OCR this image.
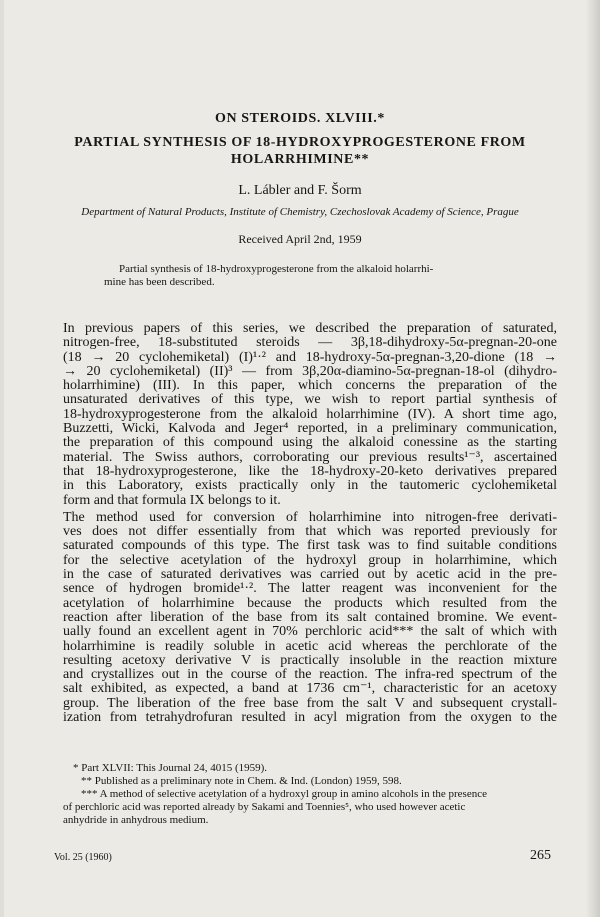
ON STEROIDS. XLVIII.*
PARTIAL SYNTHESIS OF 18-HYDROXYPROGESTERONE FROM
HOLARRHIMINE**
L. Lábler and F. Šorm
Department of Natural Products, Institute of Chemistry, Czechoslovak Academy of Science, Prague
Received April 2nd, 1959
Partial synthesis of 18-hydroxyprogesterone from the alkaloid holarrhi-
mine has been described.
In previous papers of this series, we described the preparation of saturated,
nitrogen-free, 18-substituted steroids — 3β,18-dihydroxy-5α-pregnan-20-one
(18 → 20 cyclohemiketal) (I)¹·² and 18-hydroxy-5α-pregnan-3,20-dione (18 →
→ 20 cyclohemiketal) (II)³ — from 3β,20α-diamino-5α-pregnan-18-ol (dihydro-
holarrhimine) (III). In this paper, which concerns the preparation of the
unsaturated derivatives of this type, we wish to report partial synthesis of
18-hydroxyprogesterone from the alkaloid holarrhimine (IV). A short time ago,
Buzzetti, Wicki, Kalvoda and Jeger⁴ reported, in a preliminary communication,
the preparation of this compound using the alkaloid conessine as the starting
material. The Swiss authors, corroborating our previous results¹⁻³, ascertained
that 18-hydroxyprogesterone, like the 18-hydroxy-20-keto derivatives prepared
in this Laboratory, exists practically only in the tautomeric cyclohemiketal
form and that formula IX belongs to it.
The method used for conversion of holarrhimine into nitrogen-free derivati-
ves does not differ essentially from that which was reported previously for
saturated compounds of this type. The first task was to find suitable conditions
for the selective acetylation of the hydroxyl group in holarrhimine, which
in the case of saturated derivatives was carried out by acetic acid in the pre-
sence of hydrogen bromide¹·². The latter reagent was inconvenient for the
acetylation of holarrhimine because the products which resulted from the
reaction after liberation of the base from its salt contained bromine. We event-
ually found an excellent agent in 70% perchloric acid*** the salt of which with
holarrhimine is readily soluble in acetic acid whereas the perchlorate of the
resulting acetoxy derivative V is practically insoluble in the reaction mixture
and crystallizes out in the course of the reaction. The infra-red spectrum of the
salt exhibited, as expected, a band at 1736 cm⁻¹, characteristic for an acetoxy
group. The liberation of the free base from the salt V and subsequent crystall-
ization from tetrahydrofuran resulted in acyl migration from the oxygen to the
* Part XLVII: This Journal 24, 4015 (1959).
** Published as a preliminary note in Chem. & Ind. (London) 1959, 598.
*** A method of selective acetylation of a hydroxyl group in amino alcohols in the presence
of perchloric acid was reported already by Sakami and Toennies⁵, who used however acetic
anhydride in anhydrous medium.
Vol. 25 (1960)	265
